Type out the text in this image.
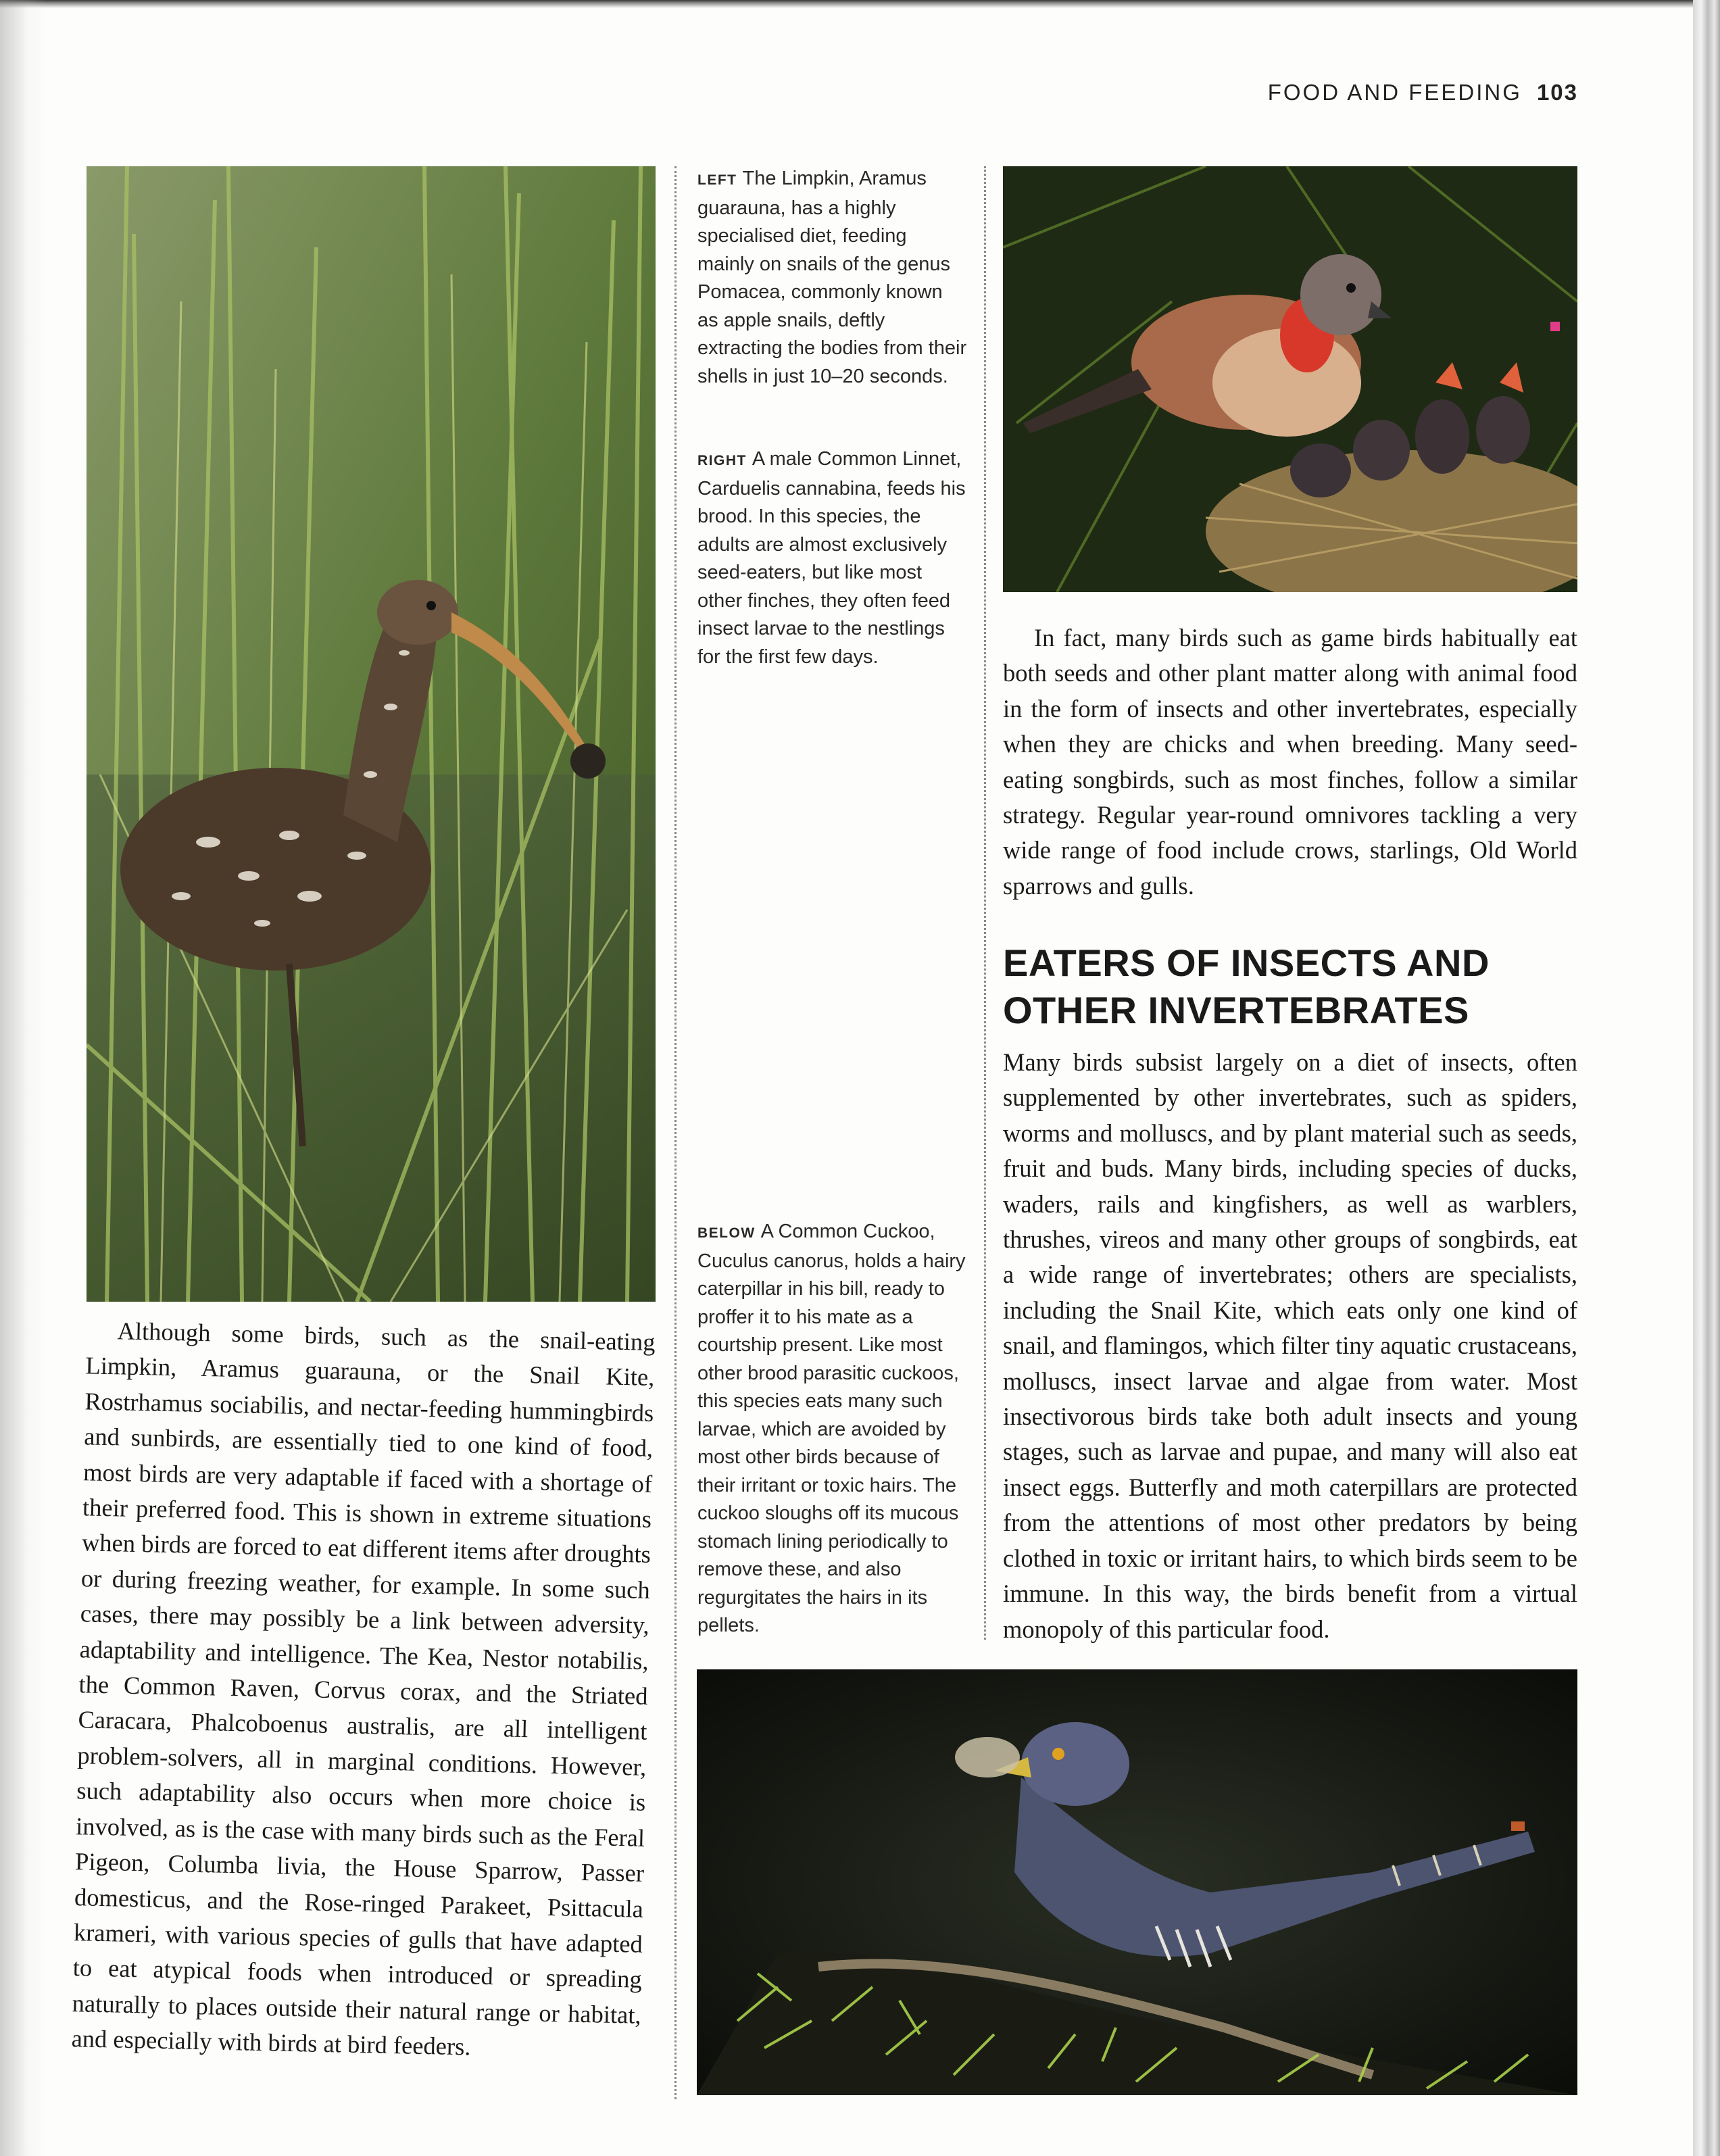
FOOD AND FEEDING 103
LEFT The Limpkin, Aramus guarauna, has a highly specialised diet, feeding mainly on snails of the genus Pomacea, commonly known as apple snails, deftly extracting the bodies from their shells in just 10–20 seconds.
RIGHT A male Common Linnet, Carduelis cannabina, feeds his brood. In this species, the adults are almost exclusively seed-eaters, but like most other finches, they often feed insect larvae to the nestlings for the first few days.
BELOW A Common Cuckoo, Cuculus canorus, holds a hairy caterpillar in his bill, ready to proffer it to his mate as a courtship present. Like most other brood parasitic cuckoos, this species eats many such larvae, which are avoided by most other birds because of their irritant or toxic hairs. The cuckoo sloughs off its mucous stomach lining periodically to remove these, and also regurgitates the hairs in its pellets.

In fact, many birds such as game birds habitually eat both seeds and other plant matter along with animal food in the form of insects and other invertebrates, especially when they are chicks and when breeding. Many seed-eating songbirds, such as most finches, follow a similar strategy. Regular year-round omnivores tackling a very wide range of food include crows, starlings, Old World sparrows and gulls.

EATERS OF INSECTS AND OTHER INVERTEBRATES

Many birds subsist largely on a diet of insects, often supplemented by other invertebrates, such as spiders, worms and molluscs, and by plant material such as seeds, fruit and buds. Many birds, including species of ducks, waders, rails and kingfishers, as well as warblers, thrushes, vireos and many other groups of songbirds, eat a wide range of invertebrates; others are specialists, including the Snail Kite, which eats only one kind of snail, and flamingos, which filter tiny aquatic crustaceans, molluscs, insect larvae and algae from water. Most insectivorous birds take both adult insects and young stages, such as larvae and pupae, and many will also eat insect eggs. Butterfly and moth caterpillars are protected from the attentions of most other predators by being clothed in toxic or irritant hairs, to which birds seem to be immune. In this way, the birds benefit from a virtual monopoly of this particular food.

Although some birds, such as the snail-eating Limpkin, Aramus guarauna, or the Snail Kite, Rostrhamus sociabilis, and nectar-feeding hummingbirds and sunbirds, are essentially tied to one kind of food, most birds are very adaptable if faced with a shortage of their preferred food. This is shown in extreme situations when birds are forced to eat different items after droughts or during freezing weather, for example. In some such cases, there may possibly be a link between adversity, adaptability and intelligence. The Kea, Nestor notabilis, the Common Raven, Corvus corax, and the Striated Caracara, Phalcoboenus australis, are all intelligent problem-solvers, all in marginal conditions. However, such adaptability also occurs when more choice is involved, as is the case with many birds such as the Feral Pigeon, Columba livia, the House Sparrow, Passer domesticus, and the Rose-ringed Parakeet, Psittacula krameri, with various species of gulls that have adapted to eat atypical foods when introduced or spreading naturally to places outside their natural range or habitat, and especially with birds at bird feeders.
